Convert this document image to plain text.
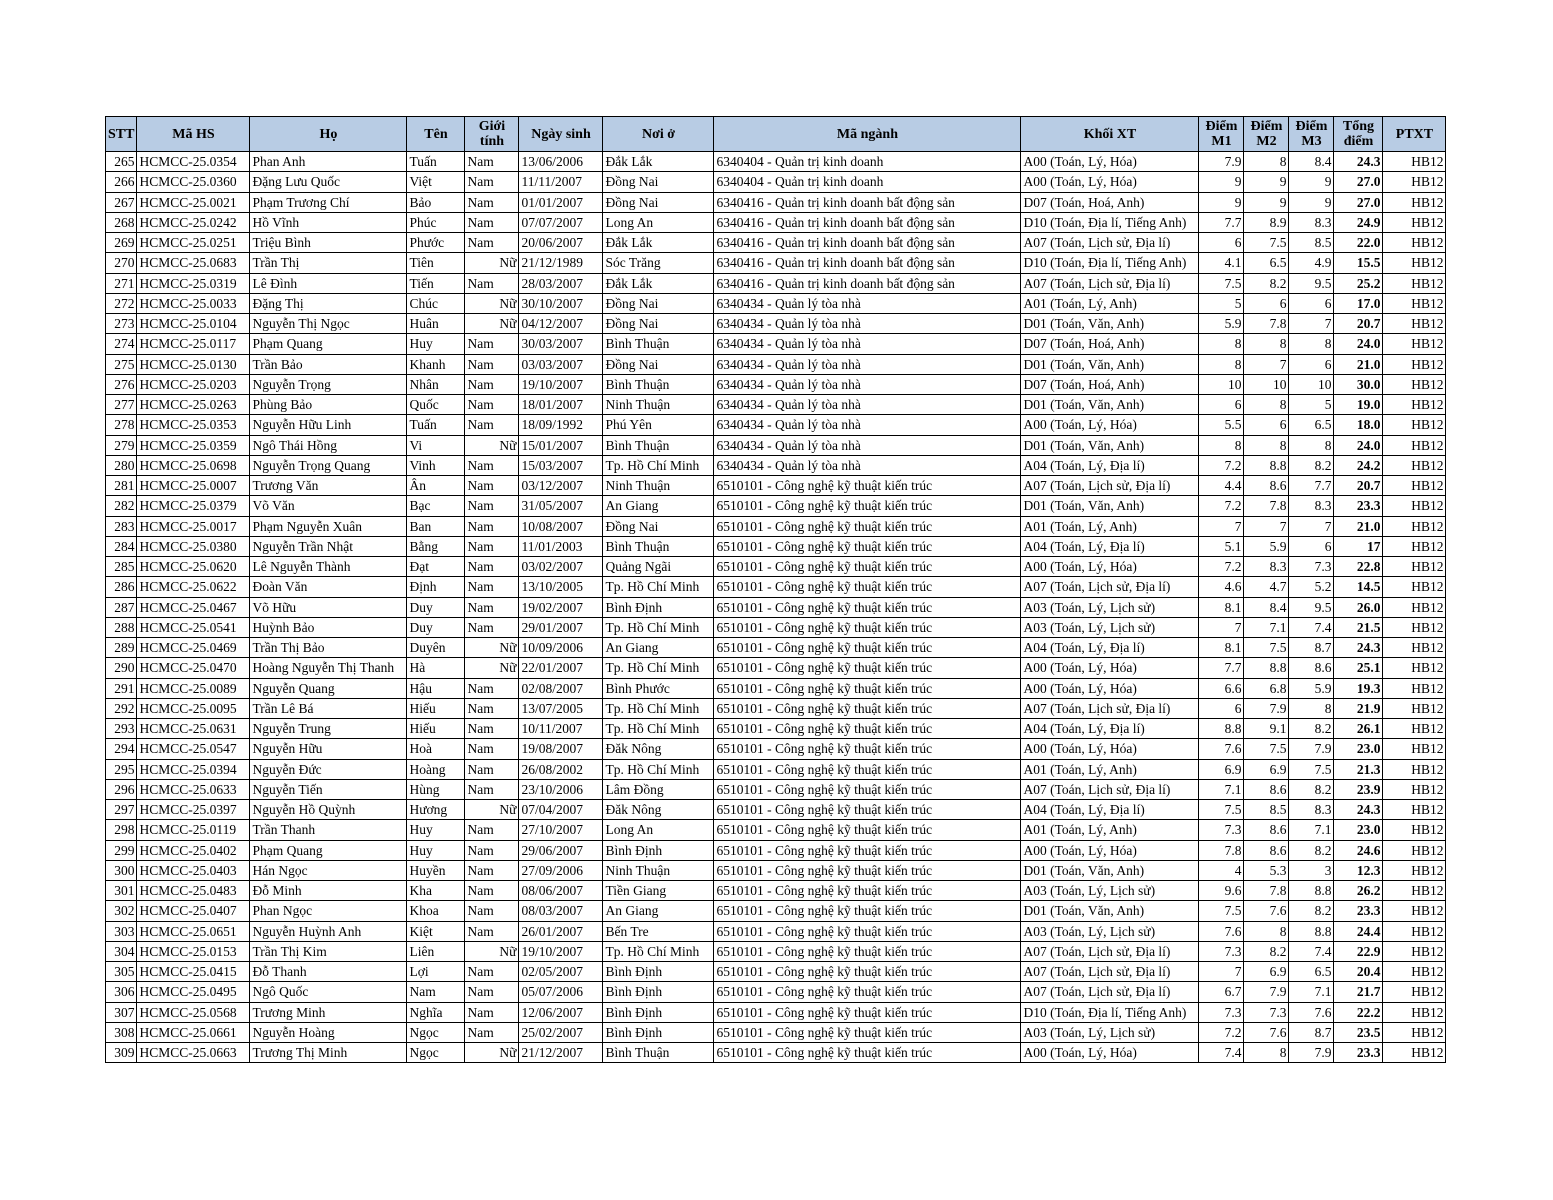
STT	Mã HS	Họ	Tên	Giới tính	Ngày sinh	Nơi ở	Mã ngành	Khối XT	Điểm M1	Điểm M2	Điểm M3	Tổng điểm	PTXT
265	HCMCC-25.0354	Phan Anh	Tuấn	Nam	13/06/2006	Đắk Lắk	6340404 - Quản trị kinh doanh	A00 (Toán, Lý, Hóa)	7.9	8	8.4	24.3	HB12
266	HCMCC-25.0360	Đặng Lưu Quốc	Việt	Nam	11/11/2007	Đồng Nai	6340404 - Quản trị kinh doanh	A00 (Toán, Lý, Hóa)	9	9	9	27.0	HB12
267	HCMCC-25.0021	Phạm Trương Chí	Bảo	Nam	01/01/2007	Đồng Nai	6340416 - Quản trị kinh doanh bất động sản	D07 (Toán, Hoá, Anh)	9	9	9	27.0	HB12
268	HCMCC-25.0242	Hồ Vĩnh	Phúc	Nam	07/07/2007	Long An	6340416 - Quản trị kinh doanh bất động sản	D10 (Toán, Địa lí, Tiếng Anh)	7.7	8.9	8.3	24.9	HB12
269	HCMCC-25.0251	Triệu Bình	Phước	Nam	20/06/2007	Đắk Lắk	6340416 - Quản trị kinh doanh bất động sản	A07 (Toán, Lịch sử, Địa lí)	6	7.5	8.5	22.0	HB12
270	HCMCC-25.0683	Trần Thị	Tiên	Nữ	21/12/1989	Sóc Trăng	6340416 - Quản trị kinh doanh bất động sản	D10 (Toán, Địa lí, Tiếng Anh)	4.1	6.5	4.9	15.5	HB12
271	HCMCC-25.0319	Lê Đình	Tiến	Nam	28/03/2007	Đắk Lắk	6340416 - Quản trị kinh doanh bất động sản	A07 (Toán, Lịch sử, Địa lí)	7.5	8.2	9.5	25.2	HB12
272	HCMCC-25.0033	Đặng Thị	Chúc	Nữ	30/10/2007	Đồng Nai	6340434 - Quản lý tòa nhà	A01 (Toán, Lý, Anh)	5	6	6	17.0	HB12
273	HCMCC-25.0104	Nguyễn Thị Ngọc	Huân	Nữ	04/12/2007	Đồng Nai	6340434 - Quản lý tòa nhà	D01 (Toán, Văn, Anh)	5.9	7.8	7	20.7	HB12
274	HCMCC-25.0117	Phạm Quang	Huy	Nam	30/03/2007	Bình Thuận	6340434 - Quản lý tòa nhà	D07 (Toán, Hoá, Anh)	8	8	8	24.0	HB12
275	HCMCC-25.0130	Trần Bảo	Khanh	Nam	03/03/2007	Đồng Nai	6340434 - Quản lý tòa nhà	D01 (Toán, Văn, Anh)	8	7	6	21.0	HB12
276	HCMCC-25.0203	Nguyễn Trọng	Nhân	Nam	19/10/2007	Bình Thuận	6340434 - Quản lý tòa nhà	D07 (Toán, Hoá, Anh)	10	10	10	30.0	HB12
277	HCMCC-25.0263	Phùng Bảo	Quốc	Nam	18/01/2007	Ninh Thuận	6340434 - Quản lý tòa nhà	D01 (Toán, Văn, Anh)	6	8	5	19.0	HB12
278	HCMCC-25.0353	Nguyễn Hữu Linh	Tuấn	Nam	18/09/1992	Phú Yên	6340434 - Quản lý tòa nhà	A00 (Toán, Lý, Hóa)	5.5	6	6.5	18.0	HB12
279	HCMCC-25.0359	Ngô Thái Hồng	Vi	Nữ	15/01/2007	Bình Thuận	6340434 - Quản lý tòa nhà	D01 (Toán, Văn, Anh)	8	8	8	24.0	HB12
280	HCMCC-25.0698	Nguyễn Trọng Quang	Vinh	Nam	15/03/2007	Tp. Hồ Chí Minh	6340434 - Quản lý tòa nhà	A04 (Toán, Lý, Địa lí)	7.2	8.8	8.2	24.2	HB12
281	HCMCC-25.0007	Trương Văn	Ân	Nam	03/12/2007	Ninh Thuận	6510101 - Công nghệ kỹ thuật kiến trúc	A07 (Toán, Lịch sử, Địa lí)	4.4	8.6	7.7	20.7	HB12
282	HCMCC-25.0379	Võ Văn	Bạc	Nam	31/05/2007	An Giang	6510101 - Công nghệ kỹ thuật kiến trúc	D01 (Toán, Văn, Anh)	7.2	7.8	8.3	23.3	HB12
283	HCMCC-25.0017	Phạm Nguyễn Xuân	Ban	Nam	10/08/2007	Đồng Nai	6510101 - Công nghệ kỹ thuật kiến trúc	A01 (Toán, Lý, Anh)	7	7	7	21.0	HB12
284	HCMCC-25.0380	Nguyễn Trần Nhật	Bằng	Nam	11/01/2003	Bình Thuận	6510101 - Công nghệ kỹ thuật kiến trúc	A04 (Toán, Lý, Địa lí)	5.1	5.9	6	17	HB12
285	HCMCC-25.0620	Lê Nguyễn Thành	Đạt	Nam	03/02/2007	Quảng Ngãi	6510101 - Công nghệ kỹ thuật kiến trúc	A00 (Toán, Lý, Hóa)	7.2	8.3	7.3	22.8	HB12
286	HCMCC-25.0622	Đoàn Văn	Định	Nam	13/10/2005	Tp. Hồ Chí Minh	6510101 - Công nghệ kỹ thuật kiến trúc	A07 (Toán, Lịch sử, Địa lí)	4.6	4.7	5.2	14.5	HB12
287	HCMCC-25.0467	Võ Hữu	Duy	Nam	19/02/2007	Bình Định	6510101 - Công nghệ kỹ thuật kiến trúc	A03 (Toán, Lý, Lịch sử)	8.1	8.4	9.5	26.0	HB12
288	HCMCC-25.0541	Huỳnh Bảo	Duy	Nam	29/01/2007	Tp. Hồ Chí Minh	6510101 - Công nghệ kỹ thuật kiến trúc	A03 (Toán, Lý, Lịch sử)	7	7.1	7.4	21.5	HB12
289	HCMCC-25.0469	Trần Thị Bảo	Duyên	Nữ	10/09/2006	An Giang	6510101 - Công nghệ kỹ thuật kiến trúc	A04 (Toán, Lý, Địa lí)	8.1	7.5	8.7	24.3	HB12
290	HCMCC-25.0470	Hoàng Nguyễn Thị Thanh	Hà	Nữ	22/01/2007	Tp. Hồ Chí Minh	6510101 - Công nghệ kỹ thuật kiến trúc	A00 (Toán, Lý, Hóa)	7.7	8.8	8.6	25.1	HB12
291	HCMCC-25.0089	Nguyễn Quang	Hậu	Nam	02/08/2007	Bình Phước	6510101 - Công nghệ kỹ thuật kiến trúc	A00 (Toán, Lý, Hóa)	6.6	6.8	5.9	19.3	HB12
292	HCMCC-25.0095	Trần Lê Bá	Hiếu	Nam	13/07/2005	Tp. Hồ Chí Minh	6510101 - Công nghệ kỹ thuật kiến trúc	A07 (Toán, Lịch sử, Địa lí)	6	7.9	8	21.9	HB12
293	HCMCC-25.0631	Nguyễn Trung	Hiếu	Nam	10/11/2007	Tp. Hồ Chí Minh	6510101 - Công nghệ kỹ thuật kiến trúc	A04 (Toán, Lý, Địa lí)	8.8	9.1	8.2	26.1	HB12
294	HCMCC-25.0547	Nguyễn Hữu	Hoà	Nam	19/08/2007	Đăk Nông	6510101 - Công nghệ kỹ thuật kiến trúc	A00 (Toán, Lý, Hóa)	7.6	7.5	7.9	23.0	HB12
295	HCMCC-25.0394	Nguyễn Đức	Hoàng	Nam	26/08/2002	Tp. Hồ Chí Minh	6510101 - Công nghệ kỹ thuật kiến trúc	A01 (Toán, Lý, Anh)	6.9	6.9	7.5	21.3	HB12
296	HCMCC-25.0633	Nguyễn Tiến	Hùng	Nam	23/10/2006	Lâm Đồng	6510101 - Công nghệ kỹ thuật kiến trúc	A07 (Toán, Lịch sử, Địa lí)	7.1	8.6	8.2	23.9	HB12
297	HCMCC-25.0397	Nguyễn Hồ Quỳnh	Hương	Nữ	07/04/2007	Đăk Nông	6510101 - Công nghệ kỹ thuật kiến trúc	A04 (Toán, Lý, Địa lí)	7.5	8.5	8.3	24.3	HB12
298	HCMCC-25.0119	Trần Thanh	Huy	Nam	27/10/2007	Long An	6510101 - Công nghệ kỹ thuật kiến trúc	A01 (Toán, Lý, Anh)	7.3	8.6	7.1	23.0	HB12
299	HCMCC-25.0402	Phạm Quang	Huy	Nam	29/06/2007	Bình Định	6510101 - Công nghệ kỹ thuật kiến trúc	A00 (Toán, Lý, Hóa)	7.8	8.6	8.2	24.6	HB12
300	HCMCC-25.0403	Hán Ngọc	Huyền	Nam	27/09/2006	Ninh Thuận	6510101 - Công nghệ kỹ thuật kiến trúc	D01 (Toán, Văn, Anh)	4	5.3	3	12.3	HB12
301	HCMCC-25.0483	Đỗ Minh	Kha	Nam	08/06/2007	Tiền Giang	6510101 - Công nghệ kỹ thuật kiến trúc	A03 (Toán, Lý, Lịch sử)	9.6	7.8	8.8	26.2	HB12
302	HCMCC-25.0407	Phan Ngọc	Khoa	Nam	08/03/2007	An Giang	6510101 - Công nghệ kỹ thuật kiến trúc	D01 (Toán, Văn, Anh)	7.5	7.6	8.2	23.3	HB12
303	HCMCC-25.0651	Nguyễn Huỳnh Anh	Kiệt	Nam	26/01/2007	Bến Tre	6510101 - Công nghệ kỹ thuật kiến trúc	A03 (Toán, Lý, Lịch sử)	7.6	8	8.8	24.4	HB12
304	HCMCC-25.0153	Trần Thị Kim	Liên	Nữ	19/10/2007	Tp. Hồ Chí Minh	6510101 - Công nghệ kỹ thuật kiến trúc	A07 (Toán, Lịch sử, Địa lí)	7.3	8.2	7.4	22.9	HB12
305	HCMCC-25.0415	Đỗ Thanh	Lợi	Nam	02/05/2007	Bình Định	6510101 - Công nghệ kỹ thuật kiến trúc	A07 (Toán, Lịch sử, Địa lí)	7	6.9	6.5	20.4	HB12
306	HCMCC-25.0495	Ngô Quốc	Nam	Nam	05/07/2006	Bình Định	6510101 - Công nghệ kỹ thuật kiến trúc	A07 (Toán, Lịch sử, Địa lí)	6.7	7.9	7.1	21.7	HB12
307	HCMCC-25.0568	Trương Minh	Nghĩa	Nam	12/06/2007	Bình Định	6510101 - Công nghệ kỹ thuật kiến trúc	D10 (Toán, Địa lí, Tiếng Anh)	7.3	7.3	7.6	22.2	HB12
308	HCMCC-25.0661	Nguyễn Hoàng	Ngọc	Nam	25/02/2007	Bình Định	6510101 - Công nghệ kỹ thuật kiến trúc	A03 (Toán, Lý, Lịch sử)	7.2	7.6	8.7	23.5	HB12
309	HCMCC-25.0663	Trương Thị Minh	Ngọc	Nữ	21/12/2007	Bình Thuận	6510101 - Công nghệ kỹ thuật kiến trúc	A00 (Toán, Lý, Hóa)	7.4	8	7.9	23.3	HB12
